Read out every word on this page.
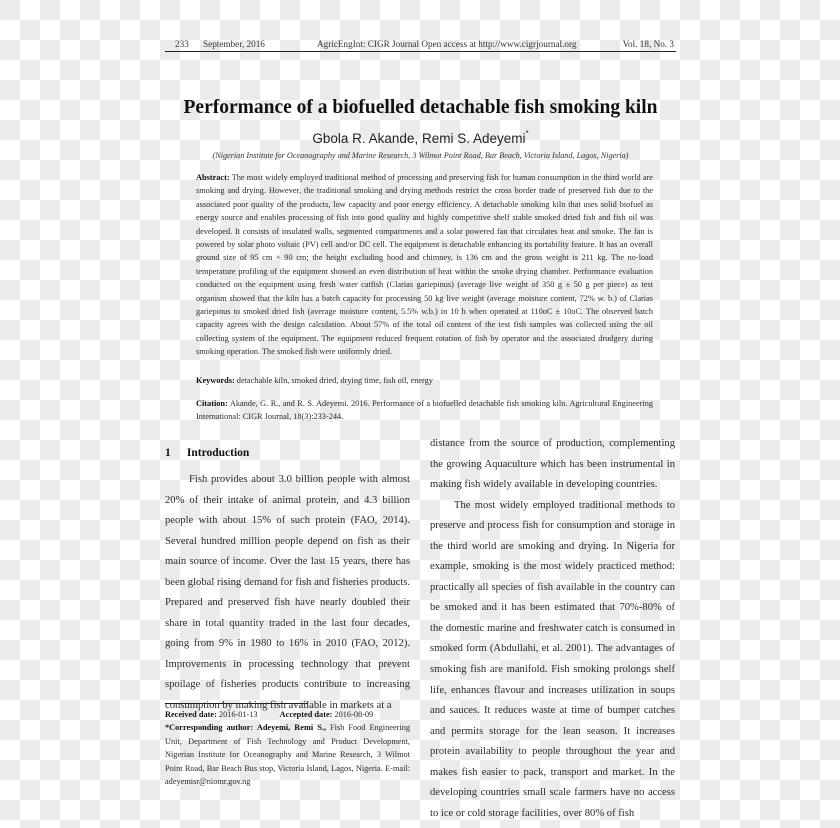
233 September, 2016	AgricEngInt: CIGR Journal Open access at http://www.cigrjournal.org	Vol. 18, No. 3
Performance of a biofuelled detachable fish smoking kiln
Gbola R. Akande, Remi S. Adeyemi*
(Nigerian Institute for Oceanography and Marine Research, 3 Wilmot Point Road, Bar Beach, Victoria Island, Lagos, Nigeria)
Abstract: The most widely employed traditional method of processing and preserving fish for human consumption in the third world are smoking and drying. However, the traditional smoking and drying methods restrict the cross border trade of preserved fish due to the associated poor quality of the products, low capacity and poor energy efficiency. A detachable smoking kiln that uses solid biofuel as energy source and enables processing of fish into good quality and highly competitive shelf stable smoked dried fish and fish oil was developed. It consists of insulated walls, segmented compartments and a solar powered fan that circulates heat and smoke. The fan is powered by solar photo voltaic (PV) cell and/or DC cell. The equipment is detachable enhancing its portability feature. It has an overall ground size of 95 cm × 90 cm; the height excluding hood and chimney, is 136 cm and the gross weight is 211 kg. The no-load temperature profiling of the equipment showed an even distribution of heat within the smoke drying chamber. Performance evaluation conducted on the equipment using fresh water catfish (Clarias gariepinus) (average live weight of 350 g ± 50 g per piece) as test organism showed that the kiln has a batch capacity for processing 50 kg live weight (average moisture content, 72% w. b.) of Clarias gariepinus to smoked dried fish (average moisture content, 5.5% w.b.) in 10 h when operated at 110oC ± 10oC. The observed batch capacity agrees with the design calculation. About 57% of the total oil content of the test fish samples was collected using the oil collecting system of the equipment. The equipment reduced frequent rotation of fish by operator and the associated drudgery during smoking operation. The smoked fish were uniformly dried.
Keywords: detachable kiln, smoked dried, drying time, fish oil, energy
Citation: Akande, G. R., and R. S. Adeyemi. 2016. Performance of a biofuelled detachable fish smoking kiln. Agricultural Engineering International: CIGR Journal, 18(3):233-244.
1 Introduction

Fish provides about 3.0 billion people with almost 20% of their intake of animal protein, and 4.3 billion people with about 15% of such protein (FAO, 2014). Several hundred million people depend on fish as their main source of income. Over the last 15 years, there has been global rising demand for fish and fisheries products. Prepared and preserved fish have nearly doubled their share in total quantity traded in the last four decades, going from 9% in 1980 to 16% in 2010 (FAO, 2012). Improvements in processing technology that prevent spoilage of fisheries products contribute to increasing consumption by making fish available in markets at a

distance from the source of production, complementing the growing Aquaculture which has been instrumental in making fish widely available in developing countries.

The most widely employed traditional methods to preserve and process fish for consumption and storage in the third world are smoking and drying. In Nigeria for example, smoking is the most widely practiced method: practically all species of fish available in the country can be smoked and it has been estimated that 70%-80% of the domestic marine and freshwater catch is consumed in smoked form (Abdullahi, et al. 2001). The advantages of smoking fish are manifold. Fish smoking prolongs shelf life, enhances flavour and increases utilization in soups and sauces. It reduces waste at time of bumper catches and permits storage for the lean season. It increases protein availability to people throughout the year and makes fish easier to pack, transport and market. In the developing countries small scale farmers have no access to ice or cold storage facilities, over 80% of fish

Received date: 2016-01-13	Accepted date: 2016-08-09
*Corresponding author: Adeyemi, Remi S., Fish Food Engineering Unit, Department of Fish Technology and Product Development, Nigerian Institute for Oceanography and Marine Research, 3 Wilmot Point Road, Bar Beach Bus stop, Victoria Island, Lagos, Nigeria. E-mail: adeyemisr@niomr.gov.ng
